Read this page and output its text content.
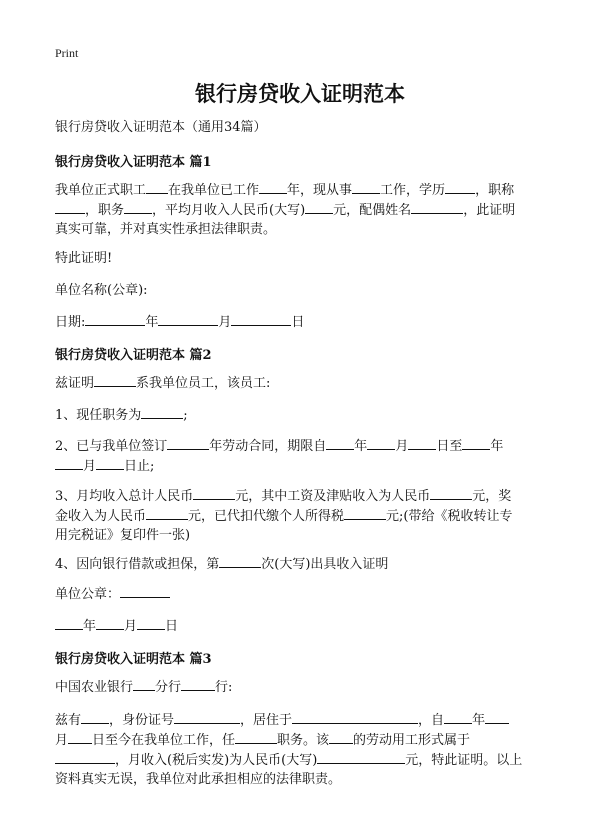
Print
银行房贷收入证明范本
银行房贷收入证明范本（通用34篇）
银行房贷收入证明范本 篇1
我单位正式职工 在我单位已工作 年，现从事 工作，学历 ，职称
，职务 ，平均月收入人民币(大写) 元，配偶姓名	，此证明
真实可靠，并对真实性承担法律职责。
特此证明!
单位名称(公章):
日期:	年	月	日
银行房贷收入证明范本 篇2
兹证明	系我单位员工，该员工:
1、现任职务为	;
2、已与我单位签订	年劳动合同，期限自 年 月 日至 年
月 日止;
3、月均收入总计人民币	元，其中工资及津贴收入为人民币	元，奖
金收入为人民币	元，已代扣代缴个人所得税	元;(带给《税收转让专
用完税证》复印件一张)
4、因向银行借款或担保，第	次(大写)出具收入证明
单位公章：
年 月 日
银行房贷收入证明范本 篇3
中国农业银行 分行	行:
兹有 ，身份证号	，居住于	，自 年
月 日至今在我单位工作，任	职务。该 的劳动用工形式属于
，月收入(税后实发)为人民币(大写)	元，特此证明。以上
资料真实无误，我单位对此承担相应的法律职责。
